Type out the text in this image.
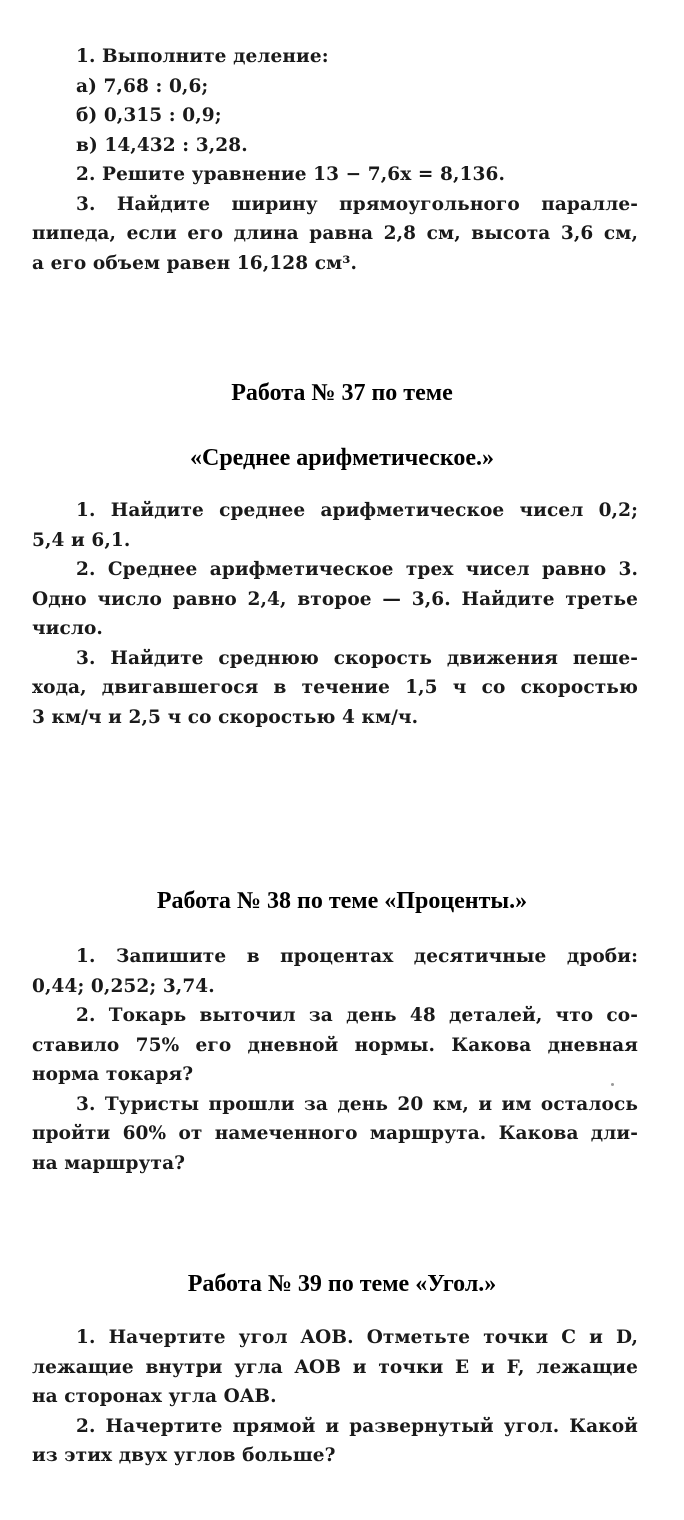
1. Выполните деление:
а) 7,68 : 0,6;
б) 0,315 : 0,9;
в) 14,432 : 3,28.
2. Решите уравнение 13 − 7,6x = 8,136.
3. Найдите ширину прямоугольного паралле-
пипеда, если его длина равна 2,8 см, высота 3,6 см,
а его объем равен 16,128 см³.
Работа № 37 по теме
«Среднее арифметическое.»
1. Найдите среднее арифметическое чисел 0,2;
5,4 и 6,1.
2. Среднее арифметическое трех чисел равно 3.
Одно число равно 2,4, второе — 3,6. Найдите третье
число.
3. Найдите среднюю скорость движения пеше-
хода, двигавшегося в течение 1,5 ч со скоростью
3 км/ч и 2,5 ч со скоростью 4 км/ч.
Работа № 38 по теме «Проценты.»
1. Запишите в процентах десятичные дроби:
0,44; 0,252; 3,74.
2. Токарь выточил за день 48 деталей, что со-
ставило 75% его дневной нормы. Какова дневная
норма токаря?
3. Туристы прошли за день 20 км, и им осталось
пройти 60% от намеченного маршрута. Какова дли-
на маршрута?
Работа № 39 по теме «Угол.»
1. Начертите угол AOB. Отметьте точки C и D,
лежащие внутри угла AOB и точки E и F, лежащие
на сторонах угла OAB.
2. Начертите прямой и развернутый угол. Какой
из этих двух углов больше?
